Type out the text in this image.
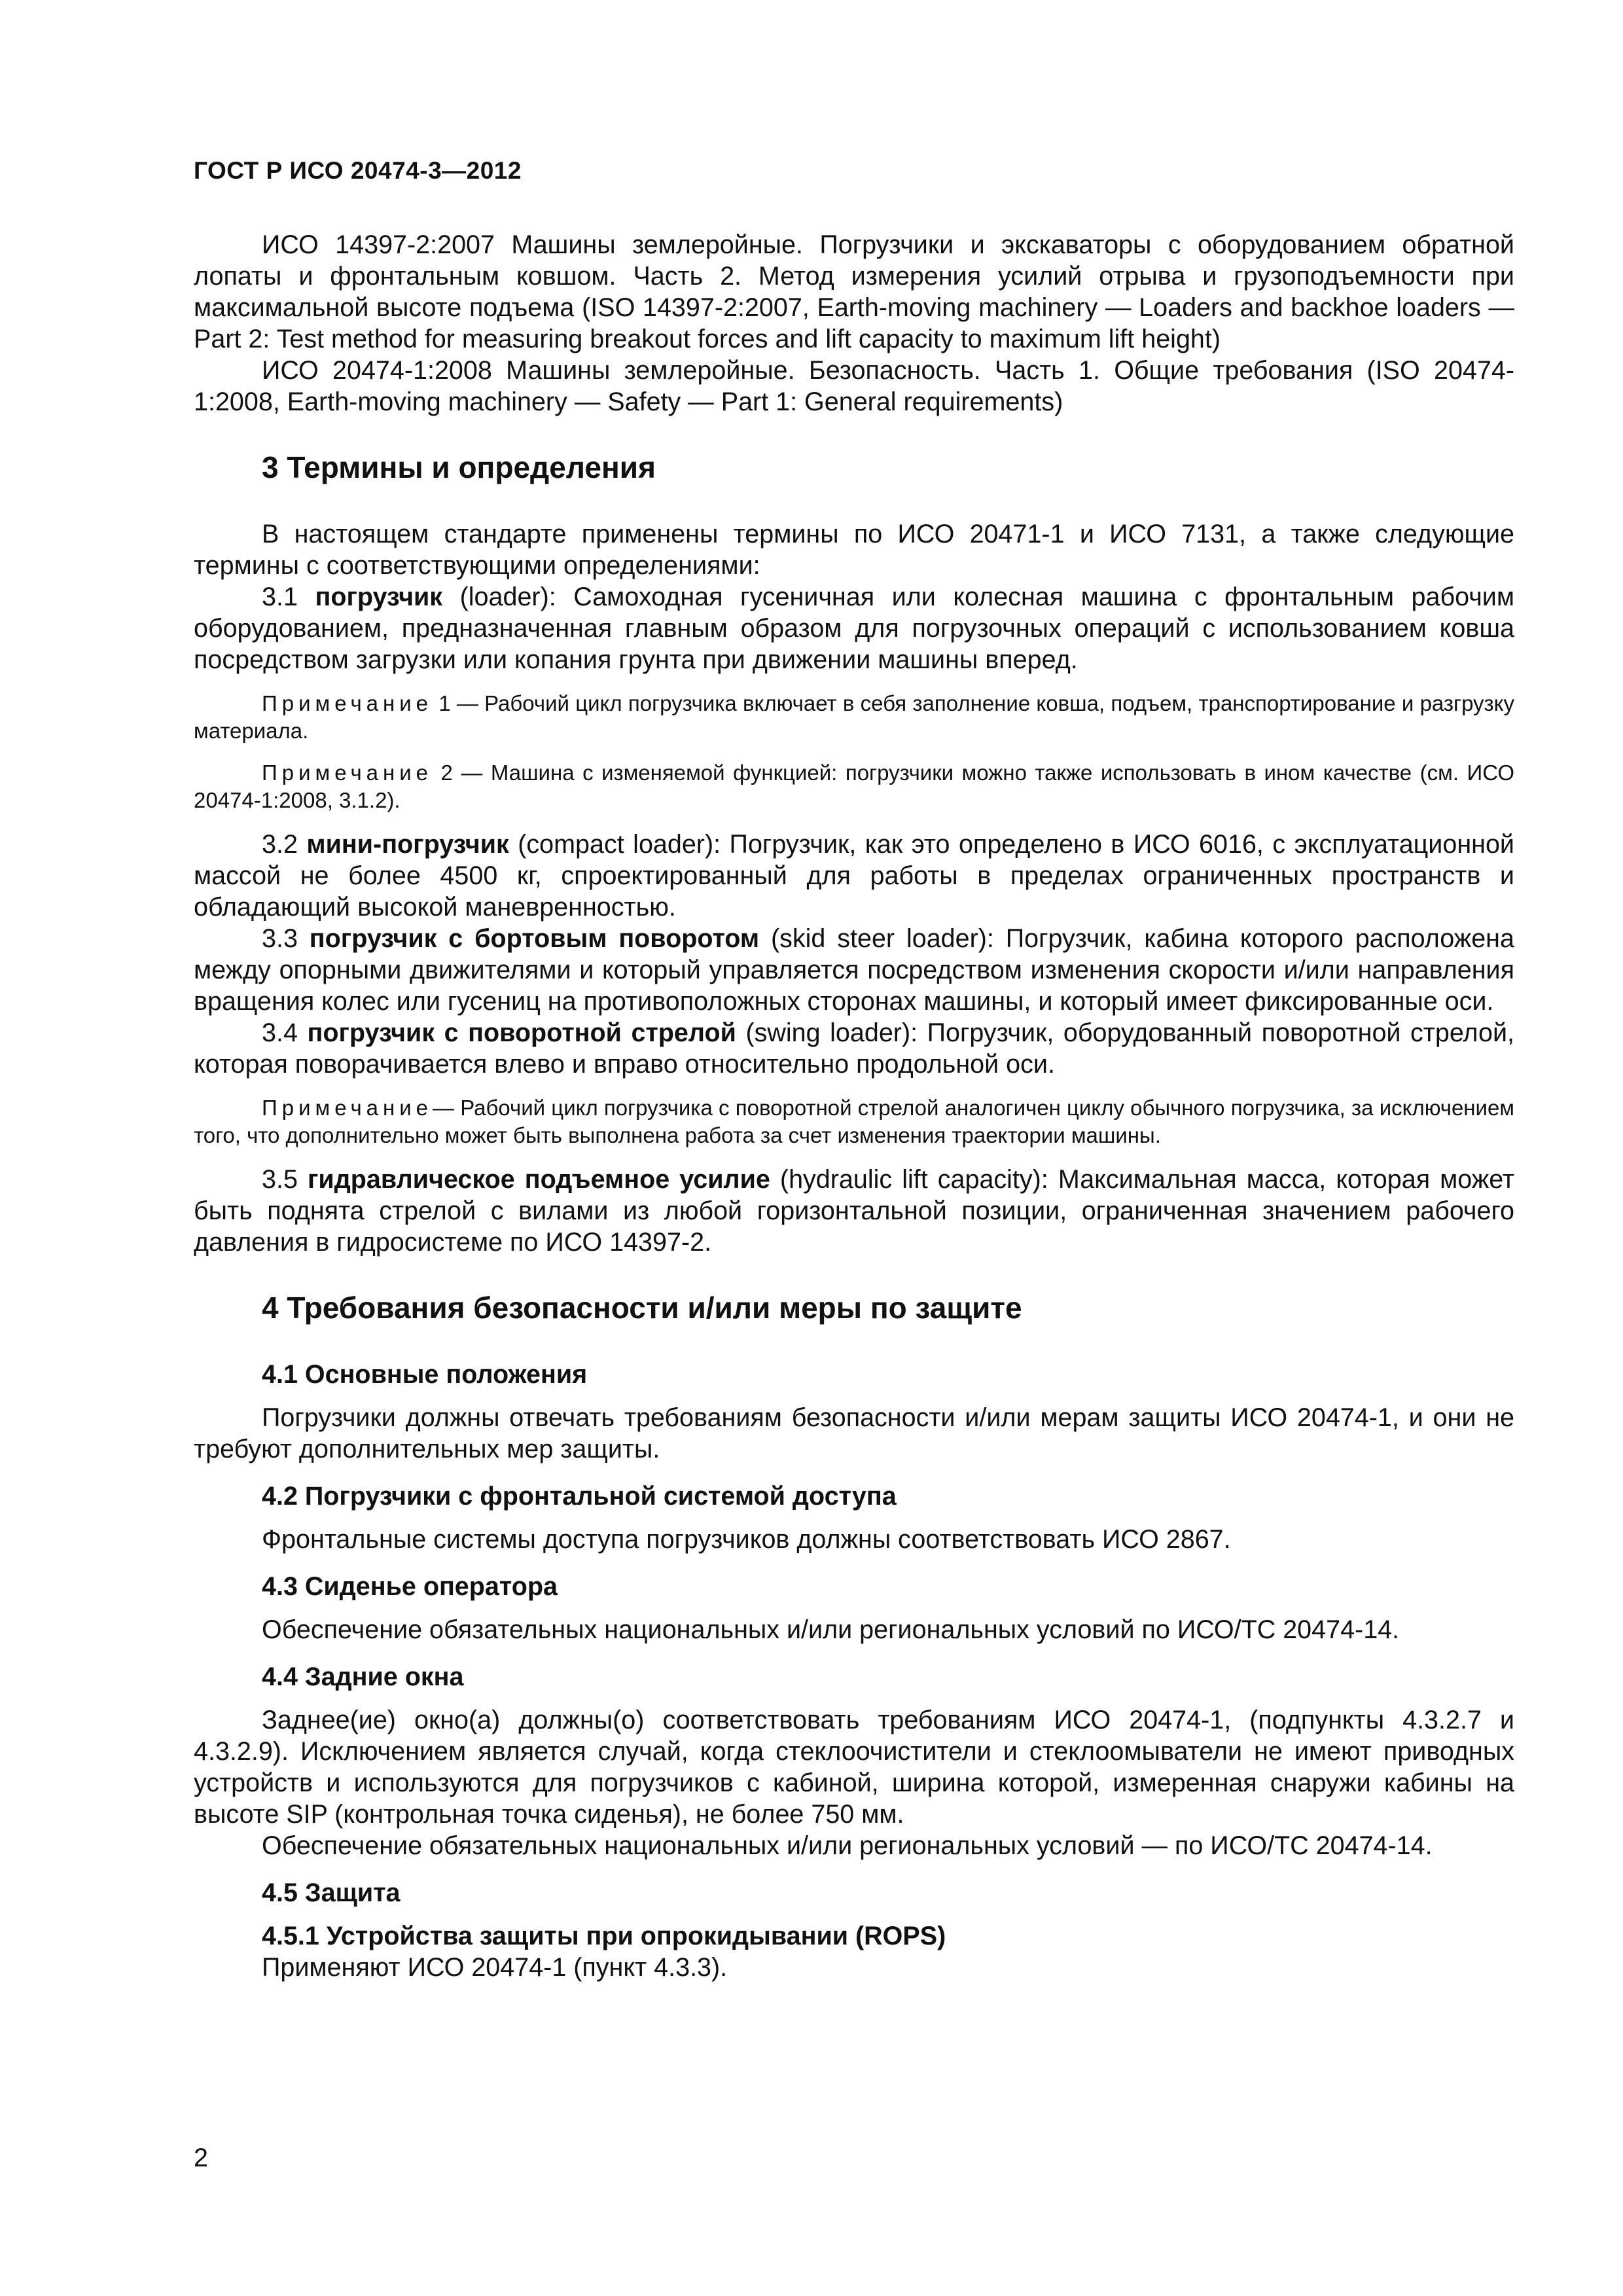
ГОСТ Р ИСО 20474-3—2012

ИСО 14397-2:2007 Машины землеройные. Погрузчики и экскаваторы с оборудованием обратной лопаты и фронтальным ковшом. Часть 2. Метод измерения усилий отрыва и грузоподъемности при максимальной высоте подъема (ISO 14397-2:2007, Earth-moving machinery — Loaders and backhoe loaders — Part 2: Test method for measuring breakout forces and lift capacity to maximum lift height)

ИСО 20474-1:2008 Машины землеройные. Безопасность. Часть 1. Общие требования (ISO 20474-1:2008, Earth-moving machinery — Safety — Part 1: General requirements)

3 Термины и определения

В настоящем стандарте применены термины по ИСО 20471-1 и ИСО 7131, а также следующие термины с соответствующими определениями:

3.1 погрузчик (loader): Самоходная гусеничная или колесная машина с фронтальным рабочим оборудованием, предназначенная главным образом для погрузочных операций с использованием ковша посредством загрузки или копания грунта при движении машины вперед.

Примечание 1 — Рабочий цикл погрузчика включает в себя заполнение ковша, подъем, транспортирование и разгрузку материала.
Примечание 2 — Машина с изменяемой функцией: погрузчики можно также использовать в ином качестве (см. ИСО 20474-1:2008, 3.1.2).

3.2 мини-погрузчик (compact loader): Погрузчик, как это определено в ИСО 6016, с эксплуатационной массой не более 4500 кг, спроектированный для работы в пределах ограниченных пространств и обладающий высокой маневренностью.

3.3 погрузчик с бортовым поворотом (skid steer loader): Погрузчик, кабина которого расположена между опорными движителями и который управляется посредством изменения скорости и/или направления вращения колес или гусениц на противоположных сторонах машины, и который имеет фиксированные оси.

3.4 погрузчик с поворотной стрелой (swing loader): Погрузчик, оборудованный поворотной стрелой, которая поворачивается влево и вправо относительно продольной оси.

Примечание— Рабочий цикл погрузчика с поворотной стрелой аналогичен циклу обычного погрузчика, за исключением того, что дополнительно может быть выполнена работа за счет изменения траектории машины.

3.5 гидравлическое подъемное усилие (hydraulic lift capacity): Максимальная масса, которая может быть поднята стрелой с вилами из любой горизонтальной позиции, ограниченная значением рабочего давления в гидросистеме по ИСО 14397-2.

4 Требования безопасности и/или меры по защите
4.1 Основные положения

Погрузчики должны отвечать требованиям безопасности и/или мерам защиты ИСО 20474-1, и они не требуют дополнительных мер защиты.

4.2 Погрузчики с фронтальной системой доступа

Фронтальные системы доступа погрузчиков должны соответствовать ИСО 2867.

4.3 Сиденье оператора

Обеспечение обязательных национальных и/или региональных условий по ИСО/ТС 20474-14.

4.4 Задние окна

Заднее(ие) окно(а) должны(о) соответствовать требованиям ИСО 20474-1, (подпункты 4.3.2.7 и 4.3.2.9). Исключением является случай, когда стеклоочистители и стеклоомыватели не имеют приводных устройств и используются для погрузчиков с кабиной, ширина которой, измеренная снаружи кабины на высоте SIP (контрольная точка сиденья), не более 750 мм.

Обеспечение обязательных национальных и/или региональных условий — по ИСО/ТС 20474-14.

4.5 Защита
4.5.1 Устройства защиты при опрокидывании (ROPS)

Применяют ИСО 20474-1 (пункт 4.3.3).

2
